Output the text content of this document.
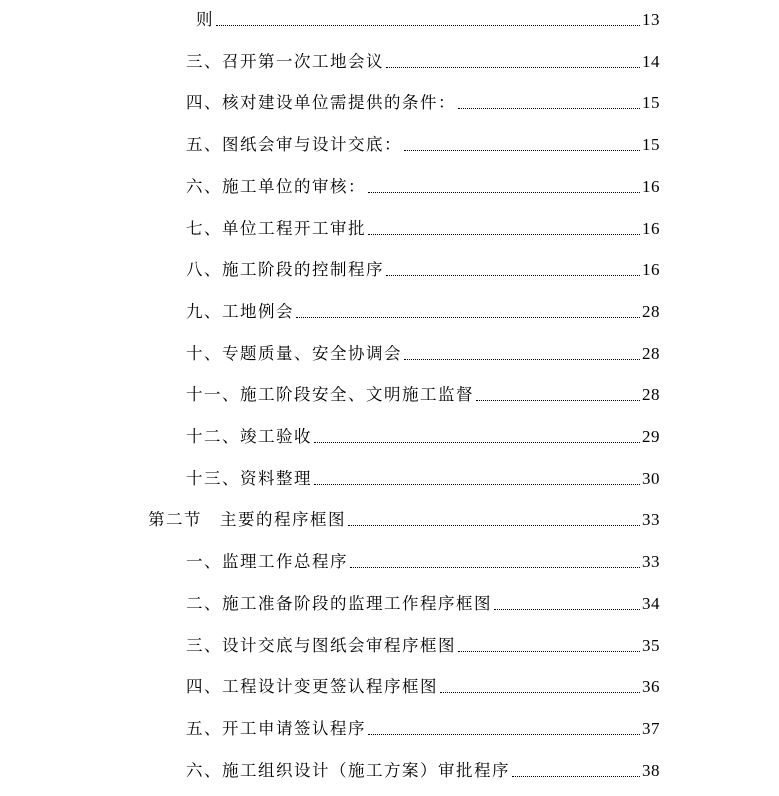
则	13
三、召开第一次工地会议	14
四、核对建设单位需提供的条件：	15
五、图纸会审与设计交底：	15
六、施工单位的审核：	16
七、单位工程开工审批	16
八、施工阶段的控制程序	16
九、工地例会	28
十、专题质量、安全协调会	28
十一、施工阶段安全、文明施工监督	28
十二、竣工验收	29
十三、资料整理	30
第二节　主要的程序框图	33
一、监理工作总程序	33
二、施工准备阶段的监理工作程序框图	34
三、设计交底与图纸会审程序框图	35
四、工程设计变更签认程序框图	36
五、开工申请签认程序	37
六、施工组织设计（施工方案）审批程序	38
